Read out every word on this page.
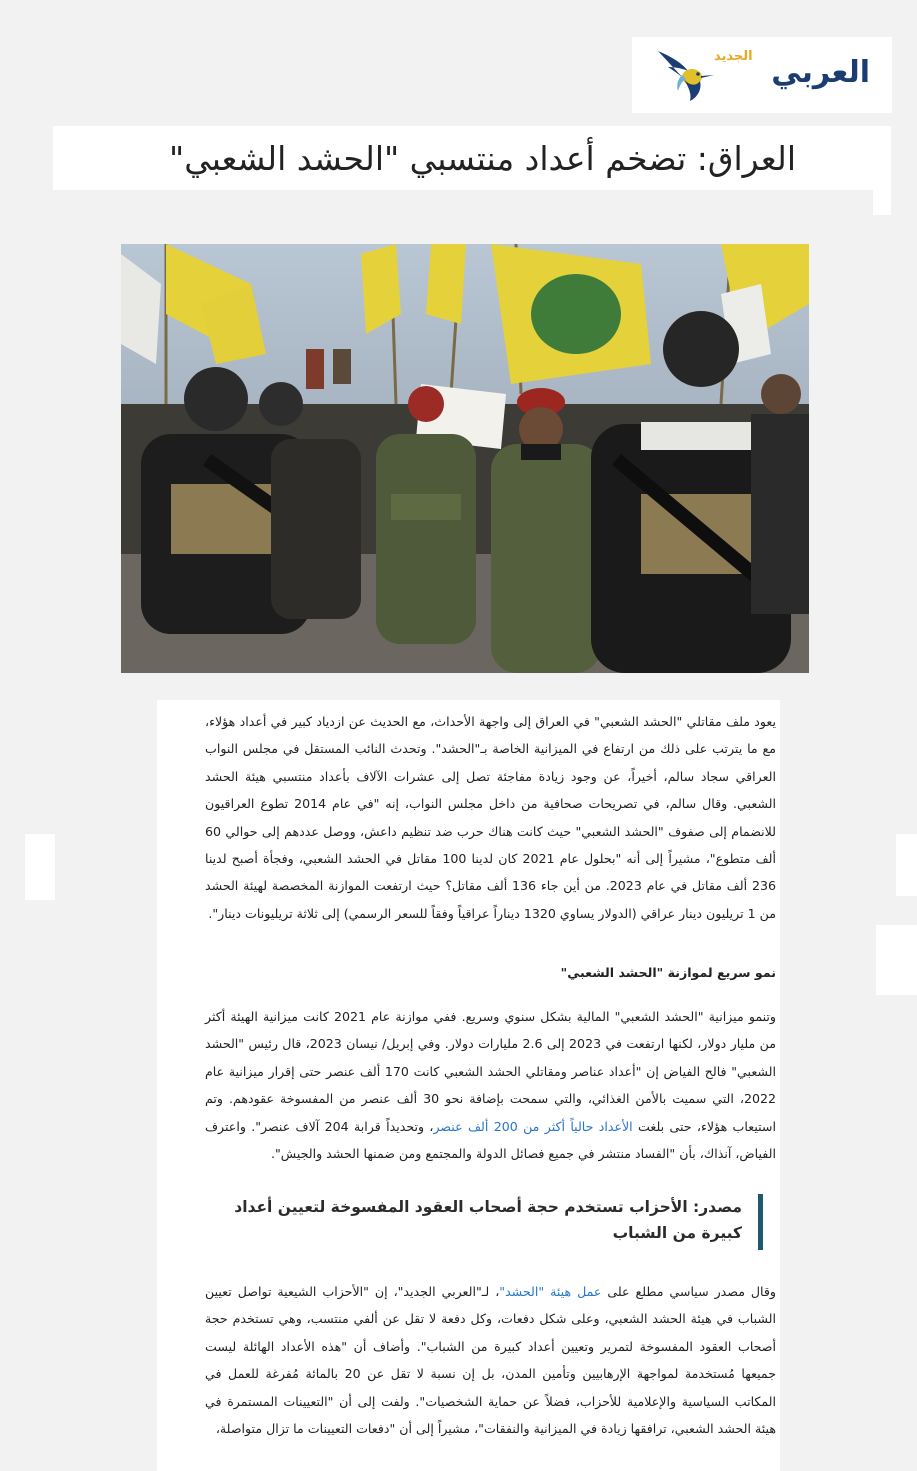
الجديد العربي
العراق: تضخم أعداد منتسبي "الحشد الشعبي"

يعود ملف مقاتلي "الحشد الشعبي" في العراق إلى واجهة الأحداث، مع الحديث عن ازدياد كبير في أعداد هؤلاء، مع ما يترتب على ذلك من ارتفاع في الميزانية الخاصة بـ"الحشد". وتحدث النائب المستقل في مجلس النواب العراقي سجاد سالم، أخيراً، عن وجود زيادة مفاجئة تصل إلى عشرات الآلاف بأعداد منتسبي هيئة الحشد الشعبي. وقال سالم، في تصريحات صحافية من داخل مجلس النواب، إنه "في عام 2014 تطوع العراقيون للانضمام إلى صفوف "الحشد الشعبي" حيث كانت هناك حرب ضد تنظيم داعش، ووصل عددهم إلى حوالي 60 ألف متطوع"، مشيراً إلى أنه "بحلول عام 2021 كان لدينا 100 مقاتل في الحشد الشعبي، وفجأة أصبح لدينا 236 ألف مقاتل في عام 2023. من أين جاء 136 ألف مقاتل؟ حيث ارتفعت الموازنة المخصصة لهيئة الحشد من 1 تريليون دينار عراقي (الدولار يساوي 1320 ديناراً عراقياً وفقاً للسعر الرسمي) إلى ثلاثة تريليونات دينار".

نمو سريع لموازنة "الحشد الشعبي"

وتنمو ميزانية "الحشد الشعبي" المالية بشكل سنوي وسريع. ففي موازنة عام 2021 كانت ميزانية الهيئة أكثر من مليار دولار، لكنها ارتفعت في 2023 إلى 2.6 مليارات دولار. وفي إبريل/ نيسان 2023، قال رئيس "الحشد الشعبي" فالح الفياض إن "أعداد عناصر ومقاتلي الحشد الشعبي كانت 170 ألف عنصر حتى إقرار ميزانية عام 2022، التي سميت بالأمن الغذائي، والتي سمحت بإضافة نحو 30 ألف عنصر من المفسوخة عقودهم. وتم استيعاب هؤلاء، حتى بلغت الأعداد حالياً أكثر من 200 ألف عنصر، وتحديداً قرابة 204 آلاف عنصر". واعترف الفياض، آنذاك، بأن "الفساد منتشر في جميع فصائل الدولة والمجتمع ومن ضمنها الحشد والجيش".

مصدر: الأحزاب تستخدم حجة أصحاب العقود المفسوخة لتعيين أعداد كبيرة من الشباب

وقال مصدر سياسي مطلع على عمل هيئة "الحشد"، لـ"العربي الجديد"، إن "الأحزاب الشيعية تواصل تعيين الشباب في هيئة الحشد الشعبي، وعلى شكل دفعات، وكل دفعة لا تقل عن ألفي منتسب، وهي تستخدم حجة أصحاب العقود المفسوخة لتمرير وتعيين أعداد كبيرة من الشباب". وأضاف أن "هذه الأعداد الهائلة ليست جميعها مُستخدمة لمواجهة الإرهابيين وتأمين المدن، بل إن نسبة لا تقل عن 20 بالمائة مُفرغة للعمل في المكاتب السياسية والإعلامية للأحزاب، فضلاً عن حماية الشخصيات". ولفت إلى أن "التعيينات المستمرة في هيئة الحشد الشعبي، ترافقها زيادة في الميزانية والنفقات"، مشيراً إلى أن "دفعات التعيينات ما تزال متواصلة،
